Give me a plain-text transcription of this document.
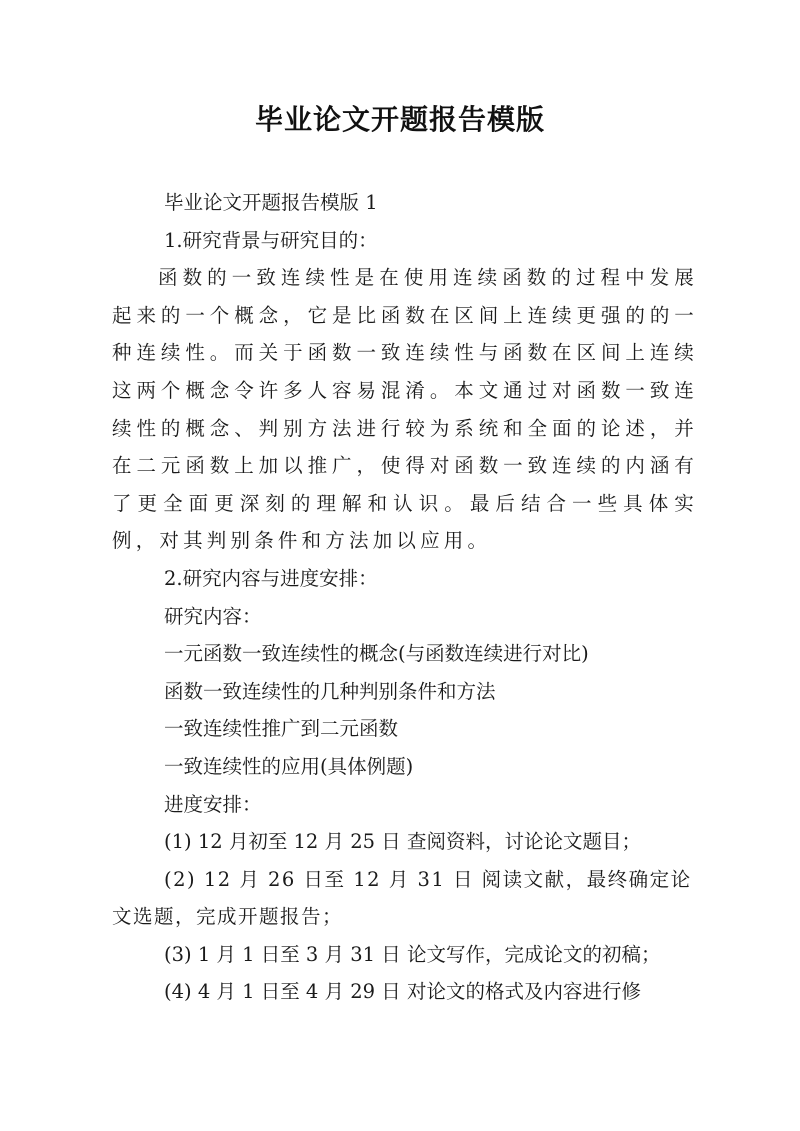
毕业论文开题报告模版
毕业论文开题报告模版 1
1.研究背景与研究目的：
函数的一致连续性是在使用连续函数的过程中发展起来的一个概念，它是比函数在区间上连续更强的的一种连续性。而关于函数一致连续性与函数在区间上连续这两个概念令许多人容易混淆。本文通过对函数一致连续性的概念、判别方法进行较为系统和全面的论述，并在二元函数上加以推广，使得对函数一致连续的内涵有了更全面更深刻的理解和认识。最后结合一些具体实例，对其判别条件和方法加以应用。
2.研究内容与进度安排：
研究内容：
一元函数一致连续性的概念(与函数连续进行对比)
函数一致连续性的几种判别条件和方法
一致连续性推广到二元函数
一致连续性的应用(具体例题)
进度安排：
(1) 12 月初至 12 月 25 日 查阅资料，讨论论文题目；
(2) 12 月 26 日至 12 月 31 日 阅读文献，最终确定论文选题，完成开题报告；
(3) 1 月 1 日至 3 月 31 日 论文写作，完成论文的初稿；
(4) 4 月 1 日至 4 月 29 日 对论文的格式及内容进行修
